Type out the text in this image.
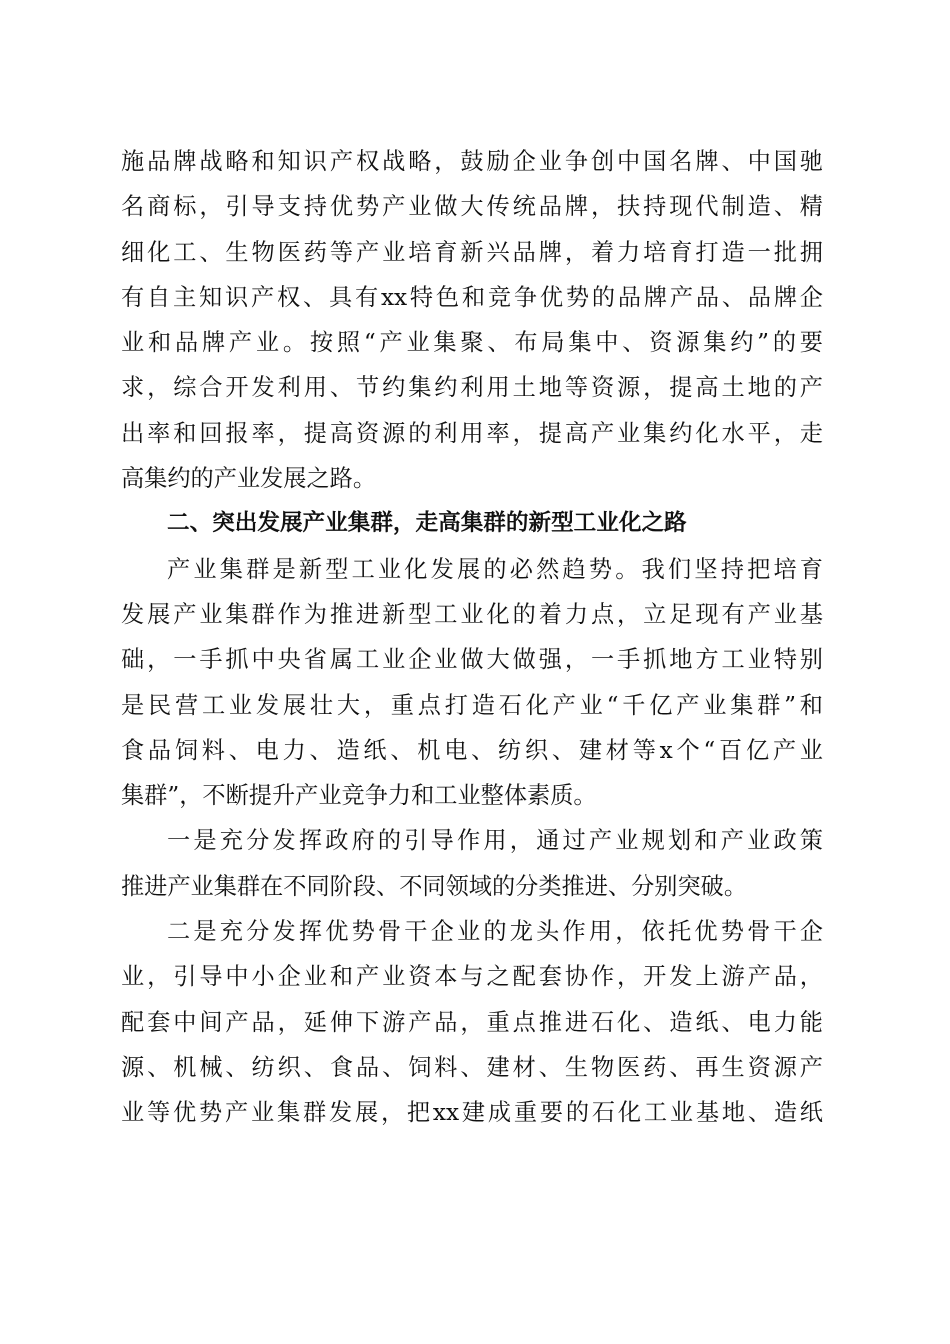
施品牌战略和知识产权战略，鼓励企业争创中国名牌、中国驰
名商标，引导支持优势产业做大传统品牌，扶持现代制造、精
细化工、生物医药等产业培育新兴品牌，着力培育打造一批拥
有自主知识产权、具有xx特色和竞争优势的品牌产品、品牌企
业和品牌产业。按照“产业集聚、布局集中、资源集约”的要
求，综合开发利用、节约集约利用土地等资源，提高土地的产
出率和回报率，提高资源的利用率，提高产业集约化水平，走
高集约的产业发展之路。
二、突出发展产业集群，走高集群的新型工业化之路
产业集群是新型工业化发展的必然趋势。我们坚持把培育
发展产业集群作为推进新型工业化的着力点，立足现有产业基
础，一手抓中央省属工业企业做大做强，一手抓地方工业特别
是民营工业发展壮大，重点打造石化产业“千亿产业集群”和
食品饲料、电力、造纸、机电、纺织、建材等x个“百亿产业
集群”，不断提升产业竞争力和工业整体素质。
一是充分发挥政府的引导作用，通过产业规划和产业政策
推进产业集群在不同阶段、不同领域的分类推进、分别突破。
二是充分发挥优势骨干企业的龙头作用，依托优势骨干企
业，引导中小企业和产业资本与之配套协作，开发上游产品，
配套中间产品，延伸下游产品，重点推进石化、造纸、电力能
源、机械、纺织、食品、饲料、建材、生物医药、再生资源产
业等优势产业集群发展，把xx建成重要的石化工业基地、造纸
